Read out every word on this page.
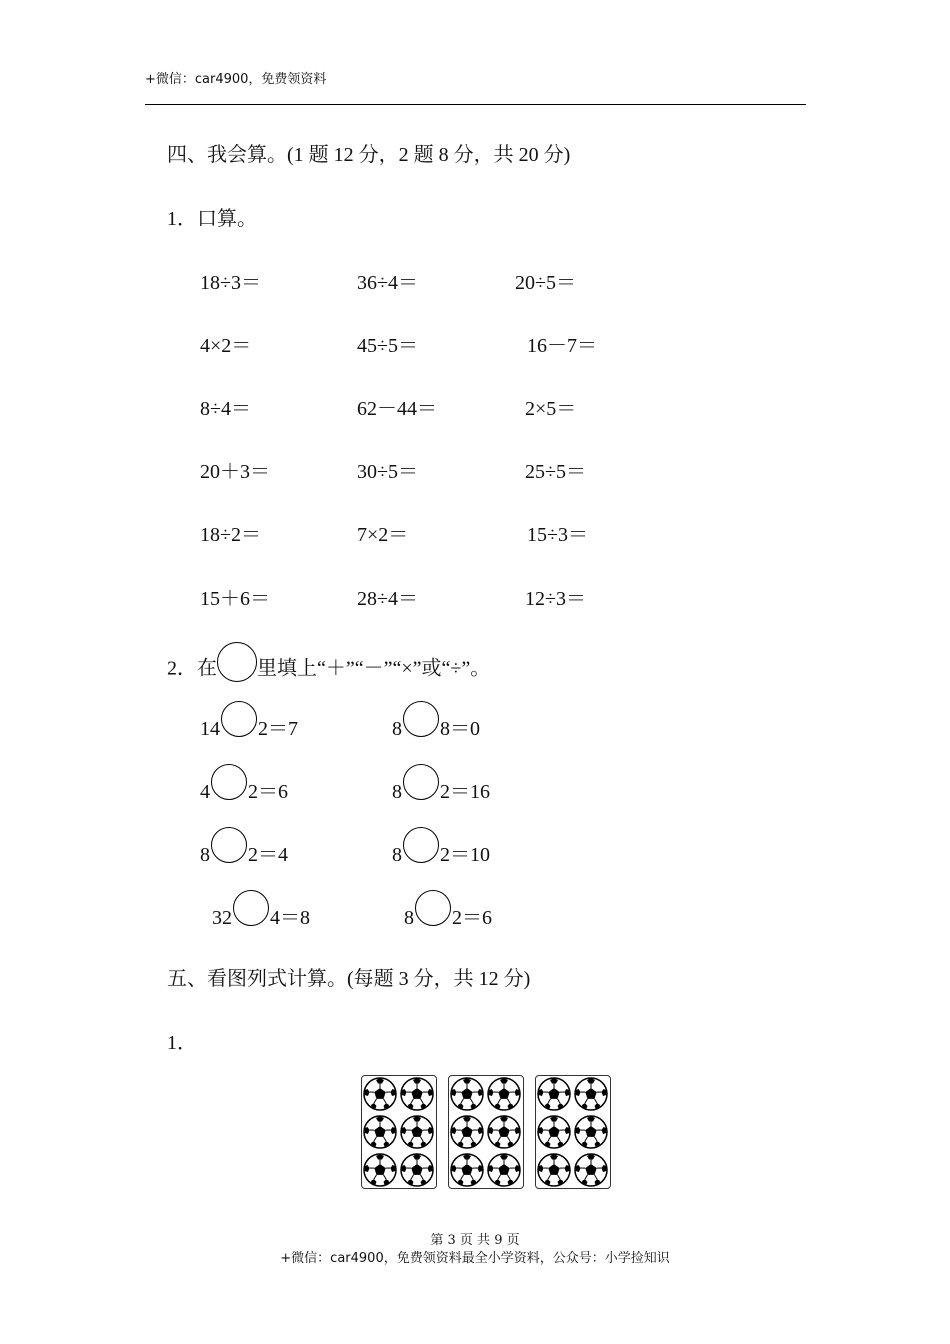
+微信：car4900，免费领资料
四、我会算。(1 题 12 分，2 题 8 分，共 20 分)
1．口算。
18÷3＝	36÷4＝	20÷5＝
4×2＝	45÷5＝	16－7＝
8÷4＝	62－44＝	2×5＝
20＋3＝	30÷5＝	25÷5＝
18÷2＝	7×2＝	15÷3＝
15＋6＝	28÷4＝	12÷3＝
2．在 里填上“＋”“－”“×”或“÷”。
14 2＝7	8 8＝0
4 2＝6	8 2＝16
8 2＝4	8 2＝10
32 4＝8	8 2＝6
五、看图列式计算。(每题 3 分，共 12 分)
1．
第 3 页 共 9 页
+微信：car4900，免费领资料最全小学资料，公众号：小学捡知识
